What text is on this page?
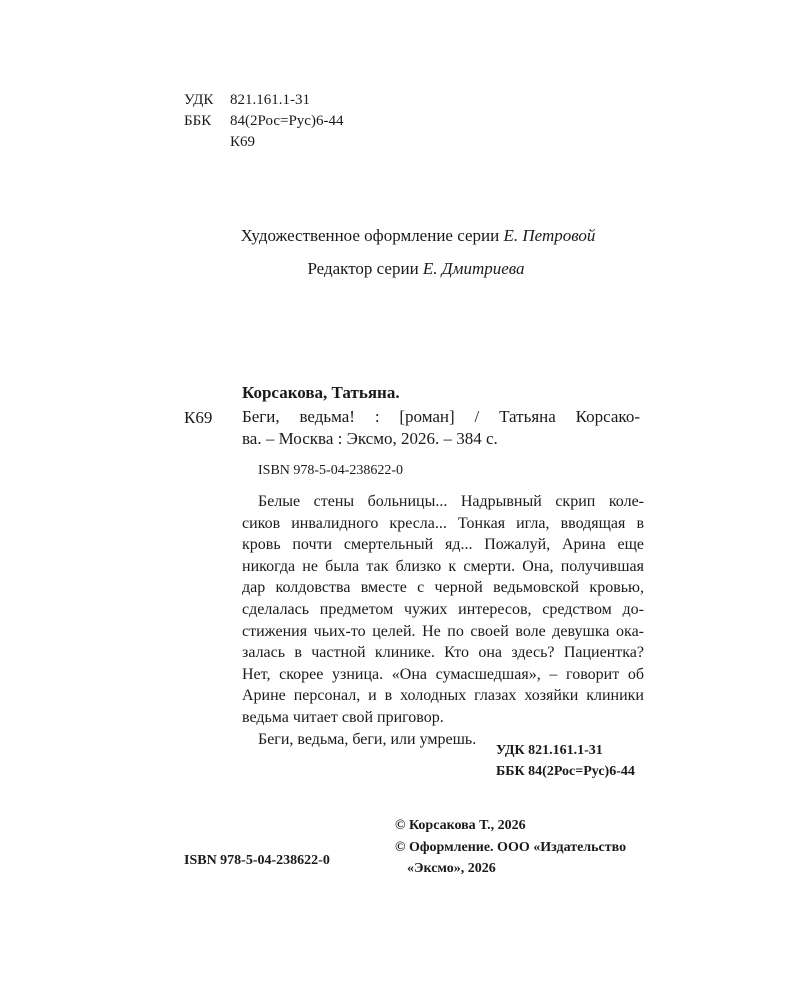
УДК	821.161.1-31
ББК	84(2Рос=Рус)6-44
К69
Художественное оформление серии Е. Петровой
Редактор серии Е. Дмитриева
Корсакова, Татьяна.
К69 Беги, ведьма! : [роман] / Татьяна Корсако-
ва. – Москва : Эксмо, 2026. – 384 с.
ISBN 978-5-04-238622-0
Белые стены больницы... Надрывный скрип коле-
сиков инвалидного кресла... Тонкая игла, вводящая в
кровь почти смертельный яд... Пожалуй, Арина еще
никогда не была так близко к смерти. Она, получившая
дар колдовства вместе с черной ведьмовской кровью,
сделалась предметом чужих интересов, средством до-
стижения чьих-то целей. Не по своей воле девушка ока-
залась в частной клинике. Кто она здесь? Пациентка?
Нет, скорее узница. «Она сумасшедшая», – говорит об
Арине персонал, и в холодных глазах хозяйки клиники
ведьма читает свой приговор.
Беги, ведьма, беги, или умрешь.
УДК 821.161.1-31
ББК 84(2Рос=Рус)6-44
© Корсакова Т., 2026
© Оформление. ООО «Издательство
«Эксмо», 2026
ISBN 978-5-04-238622-0
